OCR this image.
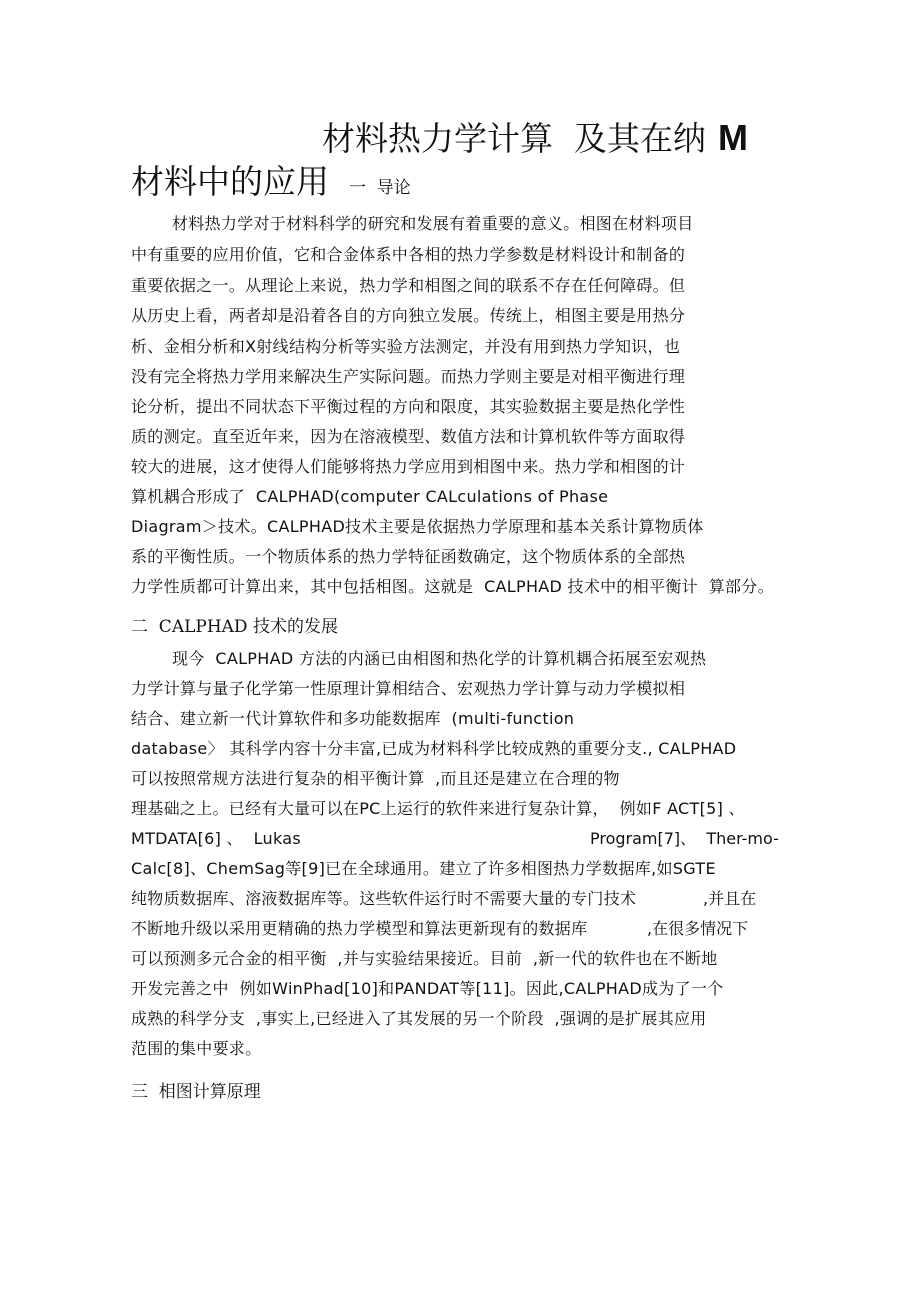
材料热力学计算  及其在纳 M
材料中的应用 一  导论
材料热力学对于材料科学的研究和发展有着重要的意义。相图在材料项目
中有重要的应用价值，它和合金体系中各相的热力学参数是材料设计和制备的
重要依据之一。从理论上来说，热力学和相图之间的联系不存在任何障碍。但
从历史上看，两者却是沿着各自的方向独立发展。传统上，相图主要是用热分
析、金相分析和X射线结构分析等实验方法测定，并没有用到热力学知识，也
没有完全将热力学用来解决生产实际问题。而热力学则主要是对相平衡进行理
论分析，提出不同状态下平衡过程的方向和限度，其实验数据主要是热化学性
质的测定。直至近年来，因为在溶液模型、数值方法和计算机软件等方面取得
较大的进展，这才使得人们能够将热力学应用到相图中来。热力学和相图的计
算机耦合形成了  CALPHAD(computer CALculations of Phase
Diagram＞技术。CALPHAD技术主要是依据热力学原理和基本关系计算物质体
系的平衡性质。一个物质体系的热力学特征函数确定，这个物质体系的全部热
力学性质都可计算出来，其中包括相图。这就是  CALPHAD 技术中的相平衡计  算部分。
二  CALPHAD 技术的发展
现今  CALPHAD 方法的内涵已由相图和热化学的计算机耦合拓展至宏观热
力学计算与量子化学第一性原理计算相结合、宏观热力学计算与动力学模拟相
结合、建立新一代计算软件和多功能数据库  (multi-function
database〉 其科学内容十分丰富,已成为材料科学比较成熟的重要分支., CALPHAD
可以按照常规方法进行复杂的相平衡计算  ,而且还是建立在合理的物
理基础之上。已经有大量可以在PC上运行的软件来进行复杂计算，  例如F ACT[5] 、
MTDATA[6] 、  Lukas	Program[7]、  Ther-mo-
Calc[8]、ChemSag等[9]已在全球通用。建立了许多相图热力学数据库,如SGTE
纯物质数据库、溶液数据库等。这些软件运行时不需要大量的专门技术	,并且在
不断地升级以采用更精确的热力学模型和算法更新现有的数据库	,在很多情况下
可以预测多元合金的相平衡  ,并与实验结果接近。目前  ,新一代的软件也在不断地
开发完善之中  例如WinPhad[10]和PANDAT等[11]。因此,CALPHAD成为了一个
成熟的科学分支  ,事实上,已经进入了其发展的另一个阶段  ,强调的是扩展其应用
范围的集中要求。
三  相图计算原理
